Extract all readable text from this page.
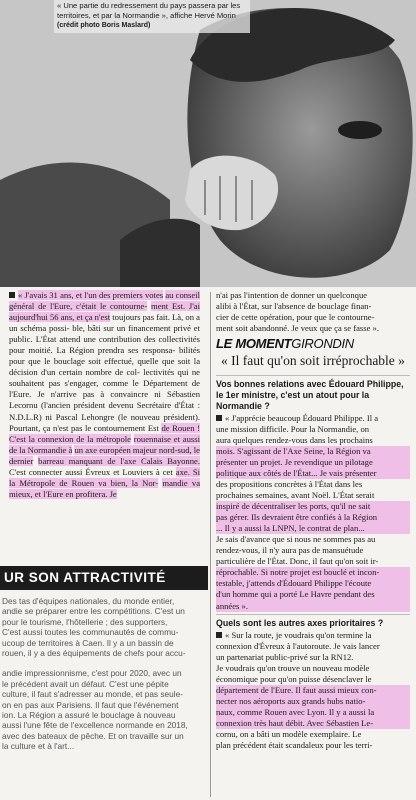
« Une partie du redressement du pays passera par les territoires, et par la Normandie », affiche Hervé Morin (crédit photo Boris Maslard)

« J'avais 31 ans, et l'un des premiers votes au conseil général de l'Eure, c'était le contourne- ment Est. J'ai aujourd'hui 56 ans, et ça n'est toujours pas fait. Là, on a un schéma possi- ble, bâti sur un financement privé et public. L'État attend une contribution des collectivités pour moitié. La Région prendra ses responsa- bilités pour que le bouclage soit effectué, quelle que soit la décision d'un certain nombre de col- lectivités qui ne souhaitent pas s'engager, comme le Département de l'Eure. Je n'arrive pas à convaincre ni Sébastien Lecornu (l'ancien président devenu Secrétaire d'État : N.D.L.R) ni Pascal Lehongre (le nouveau président). Pourtant, ça n'est pas le contournement Est de Rouen ! C'est la connexion de la métropole rouennaise et aussi de la Normandie à un axe européen majeur nord-sud, le dernier barreau manquant de l'axe Calais Bayonne. C'est connecter aussi Évreux et Louviers à cet axe. Si la Métropole de Rouen va bien, la Nor- mandie va mieux, et l'Eure en profitera. Je

UR SON ATTRACTIVITÉ
Des tas d'équipes nationales, du monde entier,
andie se préparer entre les compétitions. C'est un
pour le tourisme, l'hôtellerie ; des supporters,
C'est aussi toutes les communautés de commu-
ucoup de territoires à Caen. Il y a un bassin de
rouen, il y a des équipements de chefs pour accu-
andie impressionnisme, c'est pour 2020, avec un
le précédent avait un défaut. C'est une pépite
culture, il faut s'adresser au monde, et pas seule-
on en pas aux Parisiens. Il faut que l'événement
ion. La Région a assuré le bouclage à nouveau
aussi l'une fête de l'excellence normande en 2018,
avec des bateaux de pêche. Et on travaille sur un
la culture et à l'art...
n'ai pas l'intention de donner un quelconque
alibi à l'État, sur l'absence de bouclage finan-
cier de cette opération, pour que le contourne-
ment soit abandonné. Je veux que ça se fasse ».
LE MOMENTGIRONDIN
« Il faut qu'on soit irréprochable »
Vos bonnes relations avec Édouard Philippe, le 1er ministre, c'est un atout pour la Normandie ?
« J'apprécie beaucoup Édouard Philippe. Il a
une mission difficile. Pour la Normandie, on
aura quelques rendez-vous dans les prochains
mois. S'agissant de l'Axe Seine, la Région va
présenter un projet. Je revendique un pilotage
politique aux côtés de l'État... Je vais présenter
des propositions concrètes à l'État dans les
prochaines semaines, avant Noël. L'État serait
inspiré de décentraliser les ports, qu'il ne sait
pas gérer. Ils devraient être confiés à la Région
... Il y a aussi la LNPN, le contrat de plan...
Je sais d'avance que si nous ne sommes pas au
rendez-vous, il n'y aura pas de mansuétude
particulière de l'État. Donc, il faut qu'on soit ir-
réprochable. Si notre projet est bouclé et incon-
testable, j'attends d'Édouard Philippe l'écoute
d'un homme qui a porté Le Havre pendant des
années ».
Quels sont les autres axes prioritaires ?
« Sur la route, je voudrais qu'on termine la
connexion d'Évreux à l'autoroute. Je vais lancer
un partenariat public-privé sur la RN12.
Je voudrais qu'on trouve un nouveau modèle
économique pour qu'on puisse désenclaver le
département de l'Eure. Il faut aussi mieux con-
necter nos aéroports aux grands hubs natio-
naux, comme Rouen avec Lyon. Il y a aussi la
connexion très haut débit. Avec Sébastien Le-
cornu, on a bâti un modèle exemplaire. Le
plan précédent était scandaleux pour les terri-
